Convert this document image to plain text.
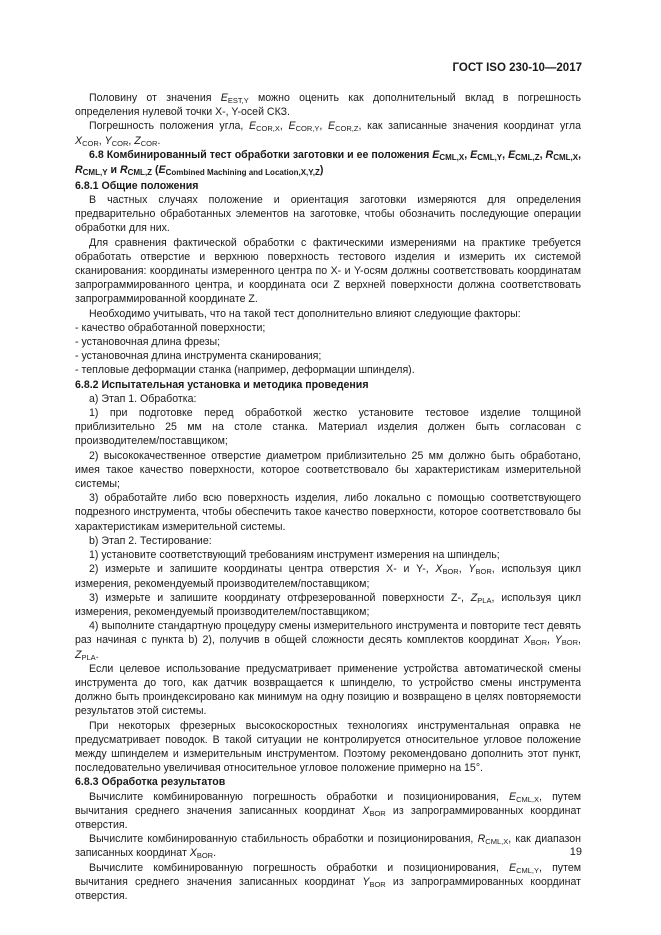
ГОСТ ISO 230-10—2017

Половину от значения $E_{EST,Y}$ можно оценить как дополнительный вклад в погрешность определения нулевой точки X-, Y-осей СКЗ.

Погрешность положения угла, $E_{COR,X}$, $E_{COR,Y}$, $E_{COR,Z}$, как записанные значения координат угла $X_{COR}$, $Y_{COR}$, $Z_{COR}$.

6.8 Комбинированный тест обработки заготовки и ее положения $E_{CML,X}$, $E_{CML,Y}$, $E_{CML,Z}$, $R_{CML,X}$, $R_{CML,Y}$ и $R_{CML,Z}$ $(E_{Combined Machining and Location,X,Y,Z})$

6.8.1 Общие положения

В частных случаях положение и ориентация заготовки измеряются для определения предварительно обработанных элементов на заготовке, чтобы обозначить последующие операции обработки для них.

Для сравнения фактической обработки с фактическими измерениями на практике требуется обработать отверстие и верхнюю поверхность тестового изделия и измерить их системой сканирования: координаты измеренного центра по X- и Y-осям должны соответствовать координатам запрограммированного центра, и координата оси Z верхней поверхности должна соответствовать запрограммированной координате Z.

Необходимо учитывать, что на такой тест дополнительно влияют следующие факторы:

- качество обработанной поверхности;

- установочная длина фрезы;

- установочная длина инструмента сканирования;

- тепловые деформации станка (например, деформации шпинделя).

6.8.2 Испытательная установка и методика проведения

а) Этап 1. Обработка:

1) при подготовке перед обработкой жестко установите тестовое изделие толщиной приблизительно 25 мм на столе станка. Материал изделия должен быть согласован с производителем/поставщиком;

2) высококачественное отверстие диаметром приблизительно 25 мм должно быть обработано, имея такое качество поверхности, которое соответствовало бы характеристикам измерительной системы;

3) обработайте либо всю поверхность изделия, либо локально с помощью соответствующего подрезного инструмента, чтобы обеспечить такое качество поверхности, которое соответствовало бы характеристикам измерительной системы.

b) Этап 2. Тестирование:

1) установите соответствующий требованиям инструмент измерения на шпиндель;

2) измерьте и запишите координаты центра отверстия X- и Y-, $X_{BOR}$, $Y_{BOR}$, используя цикл измерения, рекомендуемый производителем/поставщиком;

3) измерьте и запишите координату отфрезерованной поверхности Z-, $Z_{PLA}$, используя цикл измерения, рекомендуемый производителем/поставщиком;

4) выполните стандартную процедуру смены измерительного инструмента и повторите тест девять раз начиная с пункта b) 2), получив в общей сложности десять комплектов координат $X_{BOR}$, $Y_{BOR}$, $Z_{PLA}$.

Если целевое использование предусматривает применение устройства автоматической смены инструмента до того, как датчик возвращается к шпинделю, то устройство смены инструмента должно быть проиндексировано как минимум на одну позицию и возвращено в целях повторяемости результатов этой системы.

При некоторых фрезерных высокоскоростных технологиях инструментальная оправка не предусматривает поводок. В такой ситуации не контролируется относительное угловое положение между шпинделем и измерительным инструментом. Поэтому рекомендовано дополнить этот пункт, последовательно увеличивая относительное угловое положение примерно на 15°.

6.8.3 Обработка результатов

Вычислите комбинированную погрешность обработки и позиционирования, $E_{CML,X}$, путем вычитания среднего значения записанных координат $X_{BOR}$ из запрограммированных координат отверстия.

Вычислите комбинированную стабильность обработки и позиционирования, $R_{CML,X}$, как диапазон записанных координат $X_{BOR}$.

Вычислите комбинированную погрешность обработки и позиционирования, $E_{CML,Y}$, путем вычитания среднего значения записанных координат $Y_{BOR}$ из запрограммированных координат отверстия.

19
